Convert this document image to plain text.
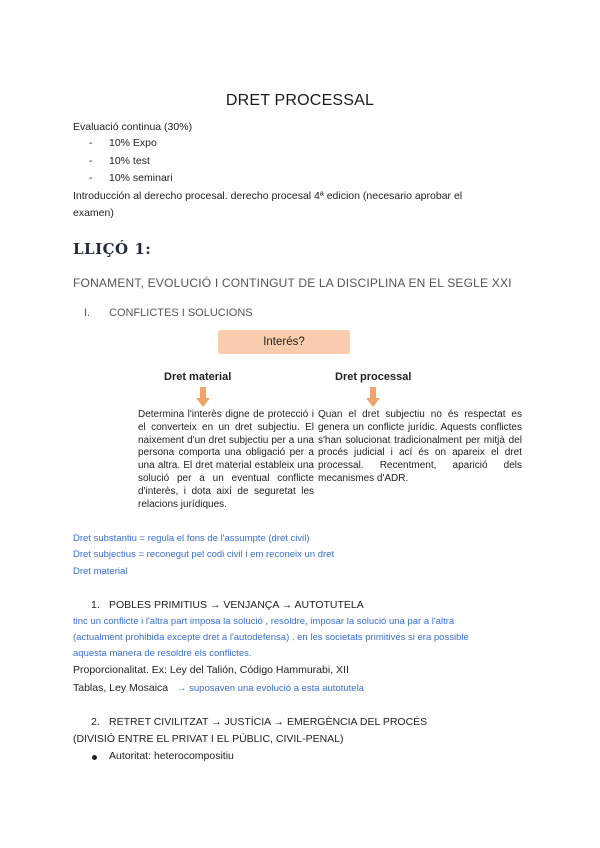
DRET PROCESSAL
Evaluació continua (30%)
- 10% Expo
- 10% test
- 10% seminari
Introducción al derecho procesal. derecho procesal 4ª edicion (necesario aprobar el
examen)
LLIÇÓ 1:
FONAMENT, EVOLUCIÓ I CONTINGUT DE LA DISCIPLINA EN EL SEGLE XXI
I. CONFLICTES I SOLUCIONS
Interés?
Dret material	Dret processal
Determina l'interès digne de protecció i el converteix en un dret subjectiu. El naixement d'un dret subjectiu per a una persona comporta una obligació per a una altra. El dret material estableix una solució per a un eventual conflicte d'interès, i dota així de seguretat les relacions jurídiques.
Quan el dret subjectiu no és respectat es genera un conflicte jurídic. Aquests conflictes s'han solucionat tradicionalment per mitjà del procés judicial i ací és on apareix el dret processal. Recentment, aparició dels mecanismes d'ADR.
Dret substantiu = regula el fons de l'assumpte (dret civil)
Dret subjectius = reconegut pel codi civil i em reconeix un dret
Dret material
1. POBLES PRIMITIUS → VENJANÇA → AUTOTUTELA
tinc un conflicte i l'altra part imposa la solució , resoldre, imposar la solució una par a l'altra
(actualment prohibida excepte dret a l'autodefensa) . en les societats primitives si era possible
aquesta manera de resoldre els conflictes.
Proporcionalitat. Ex: Ley del Talión, Código Hammurabi, XII
Tablas, Ley Mosaica → suposaven una evolució a esta autotutela
2. RETRET CIVILITZAT → JUSTÍCIA → EMERGÈNCIA DEL PROCÉS
(DIVISIÓ ENTRE EL PRIVAT I EL PÚBLIC, CIVIL-PENAL)
Autoritat: heterocompositiu
